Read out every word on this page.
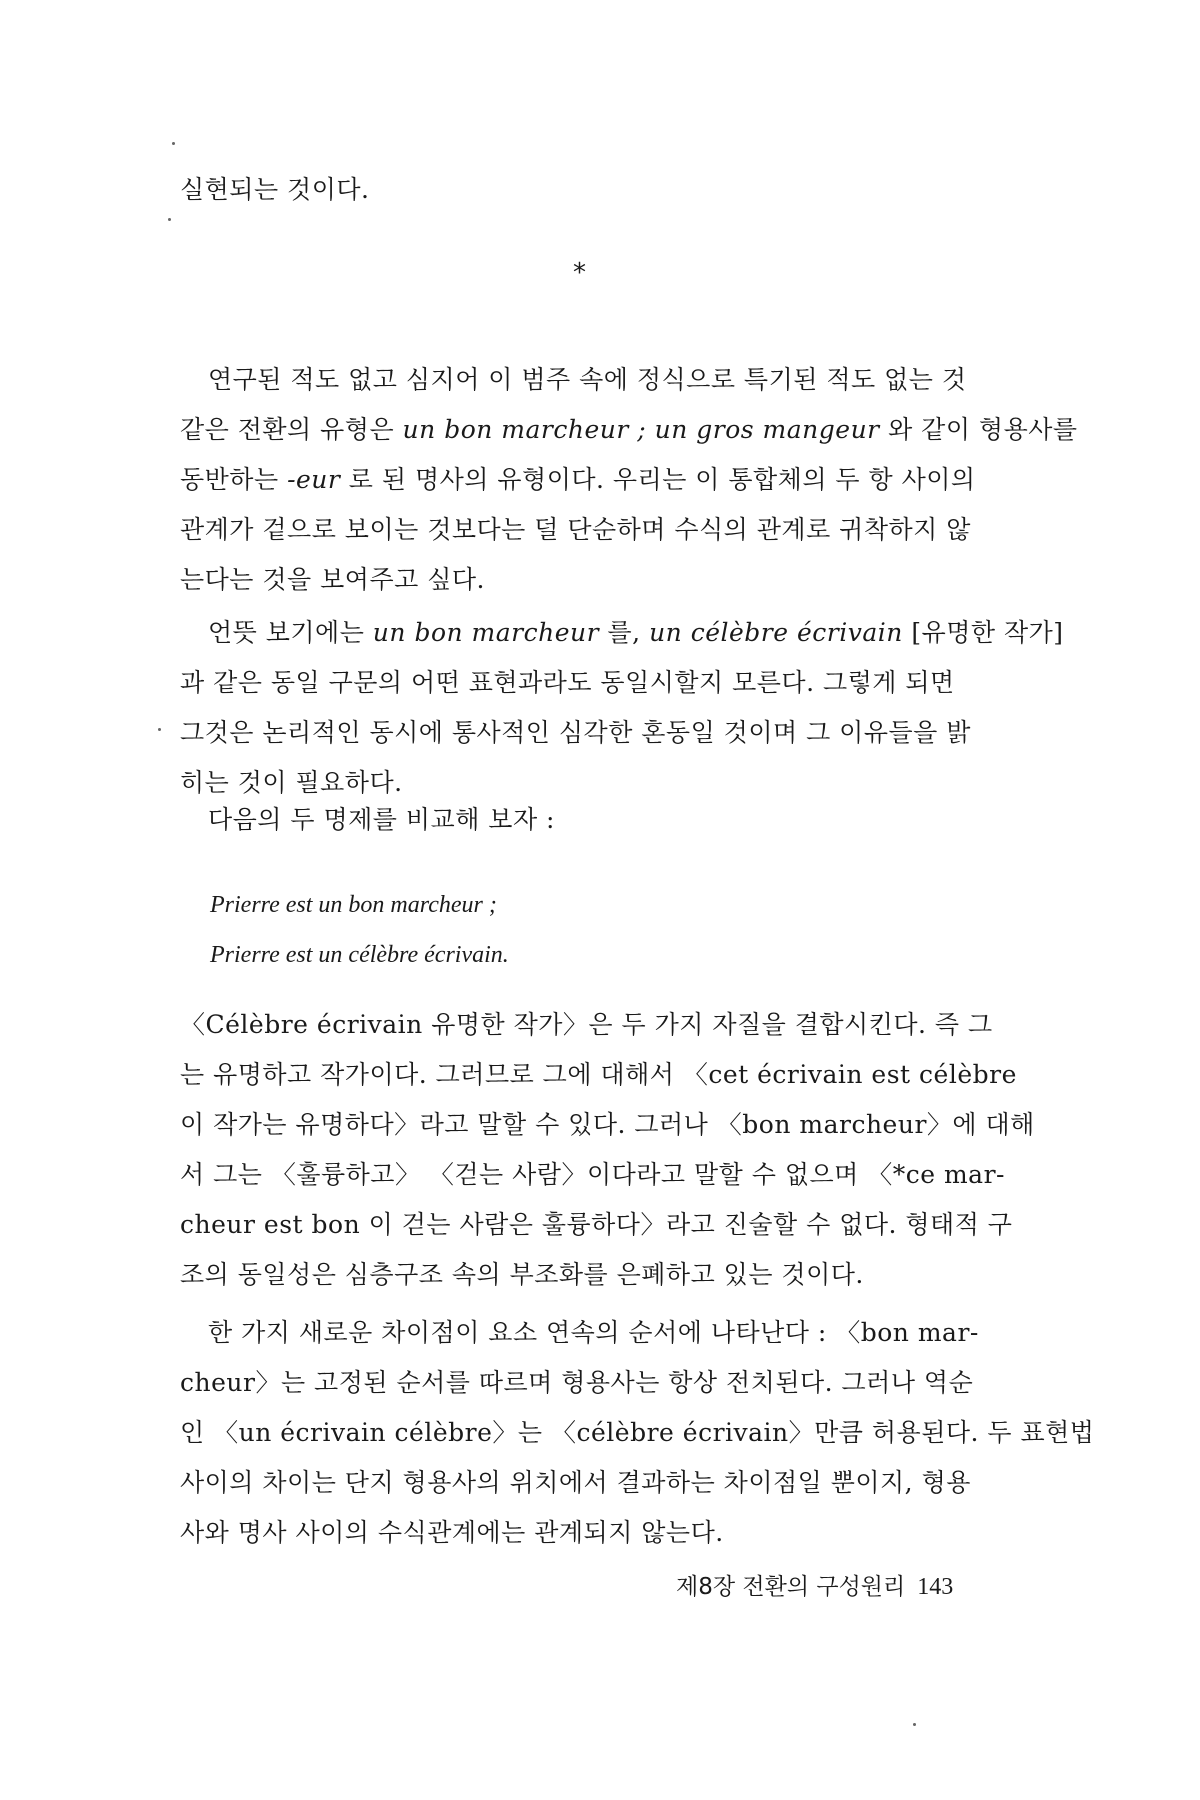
실현되는 것이다.
*
연구된 적도 없고 심지어 이 범주 속에 정식으로 특기된 적도 없는 것
같은 전환의 유형은 un bon marcheur ; un gros mangeur 와 같이 형용사를
동반하는 -eur 로 된 명사의 유형이다. 우리는 이 통합체의 두 항 사이의
관계가 겉으로 보이는 것보다는 덜 단순하며 수식의 관계로 귀착하지 않
는다는 것을 보여주고 싶다.
언뜻 보기에는 un bon marcheur 를, un célèbre écrivain [유명한 작가]
과 같은 동일 구문의 어떤 표현과라도 동일시할지 모른다. 그렇게 되면
그것은 논리적인 동시에 통사적인 심각한 혼동일 것이며 그 이유들을 밝
히는 것이 필요하다.
다음의 두 명제를 비교해 보자 :
Prierre est un bon marcheur ;
Prierre est un célèbre écrivain.
〈Célèbre écrivain 유명한 작가〉은 두 가지 자질을 결합시킨다. 즉 그
는 유명하고 작가이다. 그러므로 그에 대해서 〈cet écrivain est célèbre
이 작가는 유명하다〉라고 말할 수 있다. 그러나 〈bon marcheur〉에 대해
서 그는 〈훌륭하고〉 〈걷는 사람〉이다라고 말할 수 없으며 〈*ce mar-
cheur est bon 이 걷는 사람은 훌륭하다〉라고 진술할 수 없다. 형태적 구
조의 동일성은 심층구조 속의 부조화를 은폐하고 있는 것이다.
한 가지 새로운 차이점이 요소 연속의 순서에 나타난다 : 〈bon mar-
cheur〉는 고정된 순서를 따르며 형용사는 항상 전치된다. 그러나 역순
인 〈un écrivain célèbre〉는 〈célèbre écrivain〉만큼 허용된다. 두 표현법
사이의 차이는 단지 형용사의 위치에서 결과하는 차이점일 뿐이지, 형용
사와 명사 사이의 수식관계에는 관계되지 않는다.
제8장 전환의 구성원리 143
